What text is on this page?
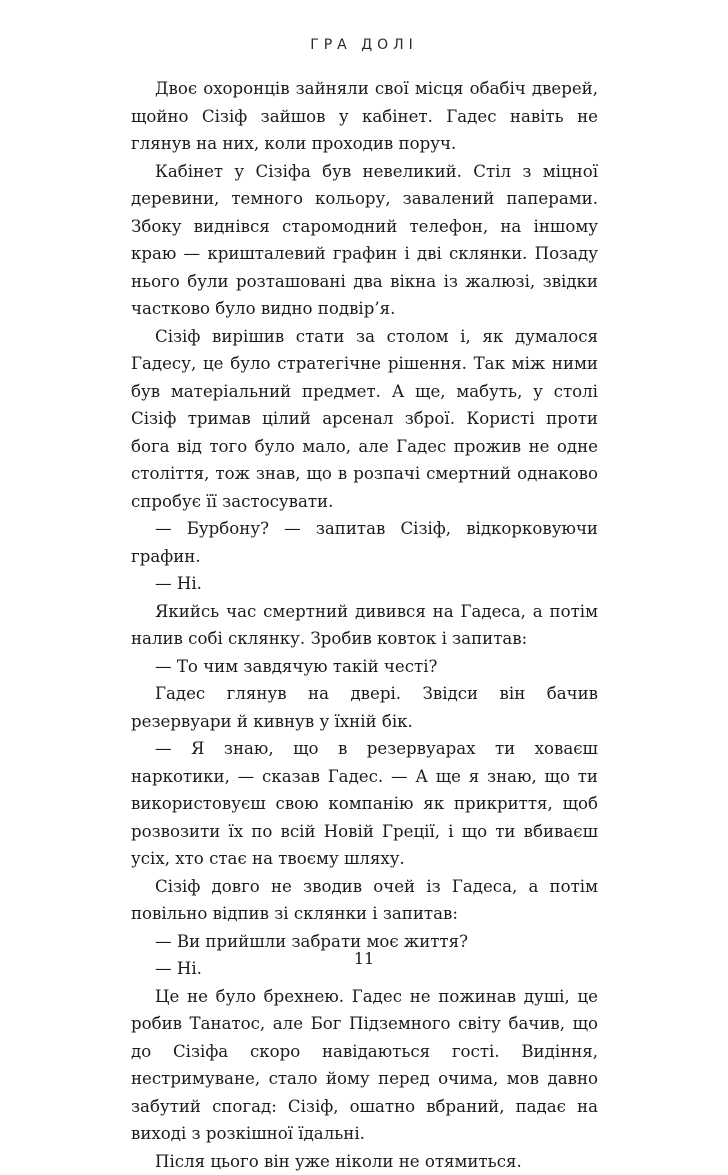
ГРА ДОЛІ

Двоє охоронців зайняли свої місця обабіч дверей, щойно Сізіф зайшов у кабінет. Гадес навіть не глянув на них, коли проходив поруч.

Кабінет у Сізіфа був невеликий. Стіл з міцної деревини, темного кольору, завалений паперами. Збоку виднівся старомодний телефон, на іншому краю — кришталевий графин і дві склянки. Позаду нього були розташовані два вікна із жалюзі, звідки частково було видно подвір’я.

Сізіф вирішив стати за столом і, як думалося Гадесу, це було стратегічне рішення. Так між ними був матеріальний предмет. А ще, мабуть, у столі Сізіф тримав цілий арсенал зброї. Користі проти бога від того було мало, але Гадес прожив не одне століття, тож знав, що в розпачі смертний однаково спробує її застосувати.

— Бурбону? — запитав Сізіф, відкорковуючи графин.

— Ні.

Якийсь час смертний дивився на Гадеса, а потім налив собі склянку. Зробив ковток і запитав:

— То чим завдячую такій честі?

Гадес глянув на двері. Звідси він бачив резервуари й кивнув у їхній бік.

— Я знаю, що в резервуарах ти ховаєш наркотики, — сказав Гадес. — А ще я знаю, що ти використовуєш свою компанію як прикриття, щоб розвозити їх по всій Новій Греції, і що ти вбиваєш усіх, хто стає на твоєму шляху.

Сізіф довго не зводив очей із Гадеса, а потім повільно відпив зі склянки і запитав:

— Ви прийшли забрати моє життя?

— Ні.

Це не було брехнею. Гадес не пожинав душі, це робив Танатос, але Бог Підземного світу бачив, що до Сізіфа скоро навідаються гості. Видіння, нестримуване, стало йому перед очима, мов давно забутий спогад: Сізіф, ошатно вбраний, падає на виході з розкішної їдальні.

Після цього він уже ніколи не отямиться.

11
